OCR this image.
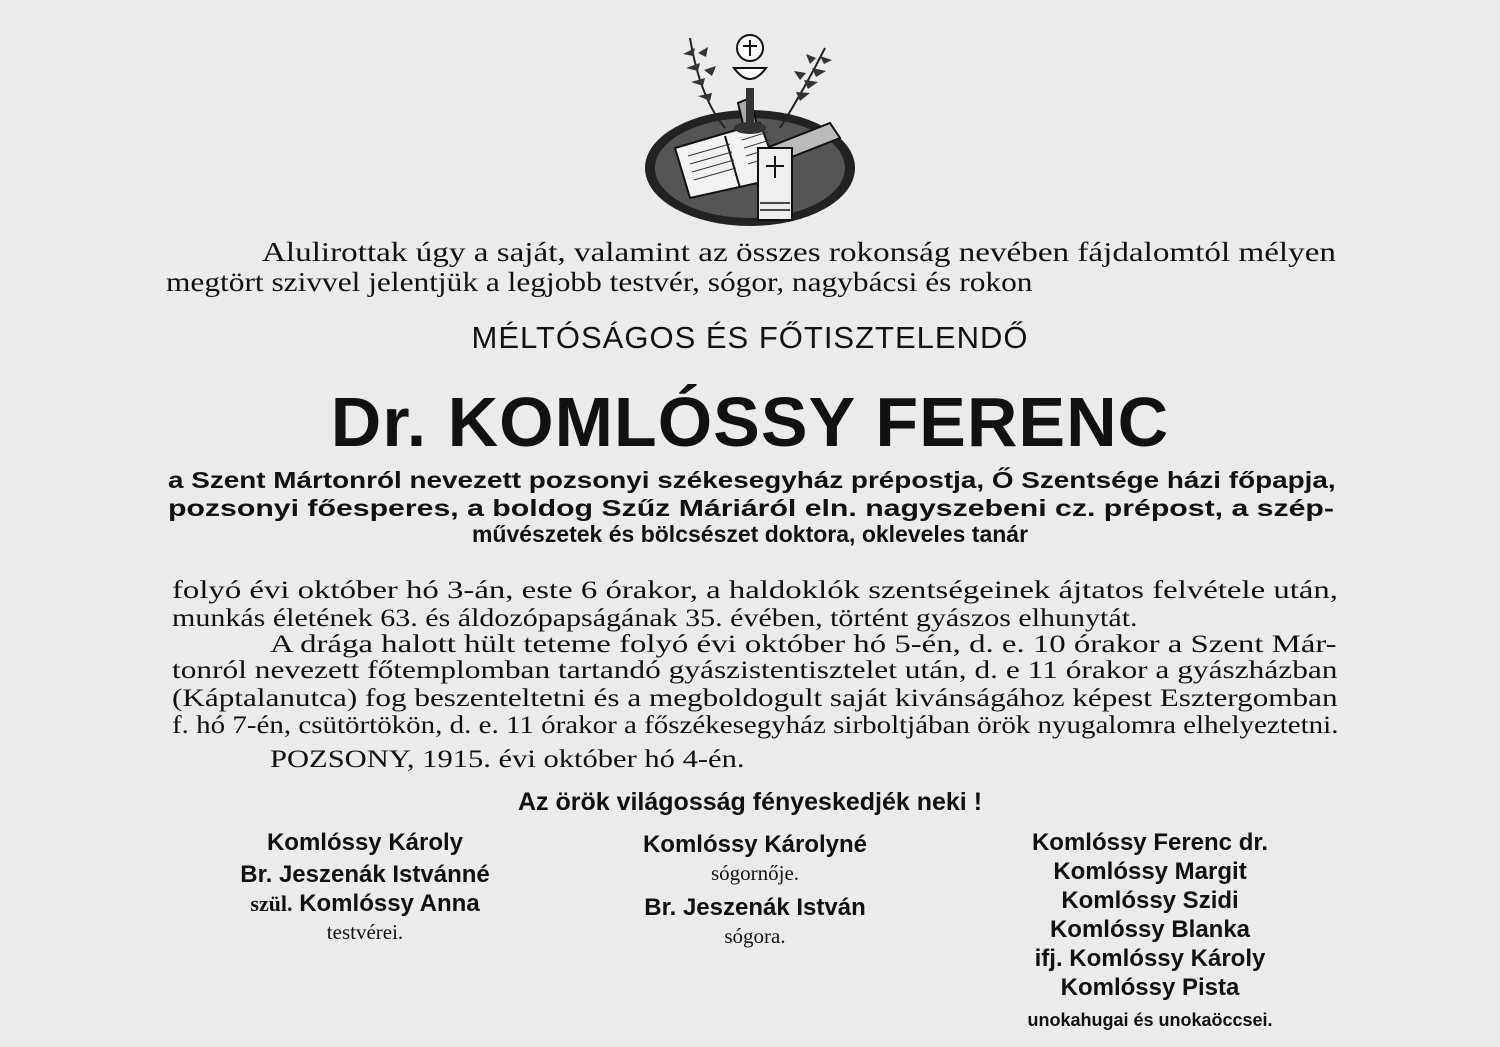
Alulirottak úgy a saját, valamint az összes rokonság nevében fájdalomtól mélyen
megtört szivvel jelentjük a legjobb testvér, sógor, nagybácsi és rokon
MÉLTÓSÁGOS ÉS FŐTISZTELENDŐ
Dr. KOMLÓSSY FERENC
a Szent Mártonról nevezett pozsonyi székesegyház prépostja, Ő Szentsége házi főpapja,
pozsonyi főesperes, a boldog Szűz Máriáról eln. nagyszebeni cz. prépost, a szép-
művészetek és bölcsészet doktora, okleveles tanár
folyó évi október hó 3-án, este 6 órakor, a haldoklók szentségeinek ájtatos felvétele után,
munkás életének 63. és áldozópapságának 35. évében, történt gyászos elhunytát.
A drága halott hült teteme folyó évi október hó 5-én, d. e. 10 órakor a Szent Már-
tonról nevezett főtemplomban tartandó gyászistentisztelet után, d. e 11 órakor a gyászházban
(Káptalanutca) fog beszenteltetni és a megboldogult saját kivánságához képest Esztergomban
f. hó 7-én, csütörtökön, d. e. 11 órakor a főszékesegyház sirboltjában örök nyugalomra elhelyeztetni.
POZSONY, 1915. évi október hó 4-én.
Az örök világosság fényeskedjék neki !
Komlóssy Károly
Br. Jeszenák Istvánné
szül. Komlóssy Anna
testvérei.
Komlóssy Károlyné
sógornője.
Br. Jeszenák István
sógora.
Komlóssy Ferenc dr.
Komlóssy Margit
Komlóssy Szidi
Komlóssy Blanka
ifj. Komlóssy Károly
Komlóssy Pista
unokahugai és unokaöccsei.
